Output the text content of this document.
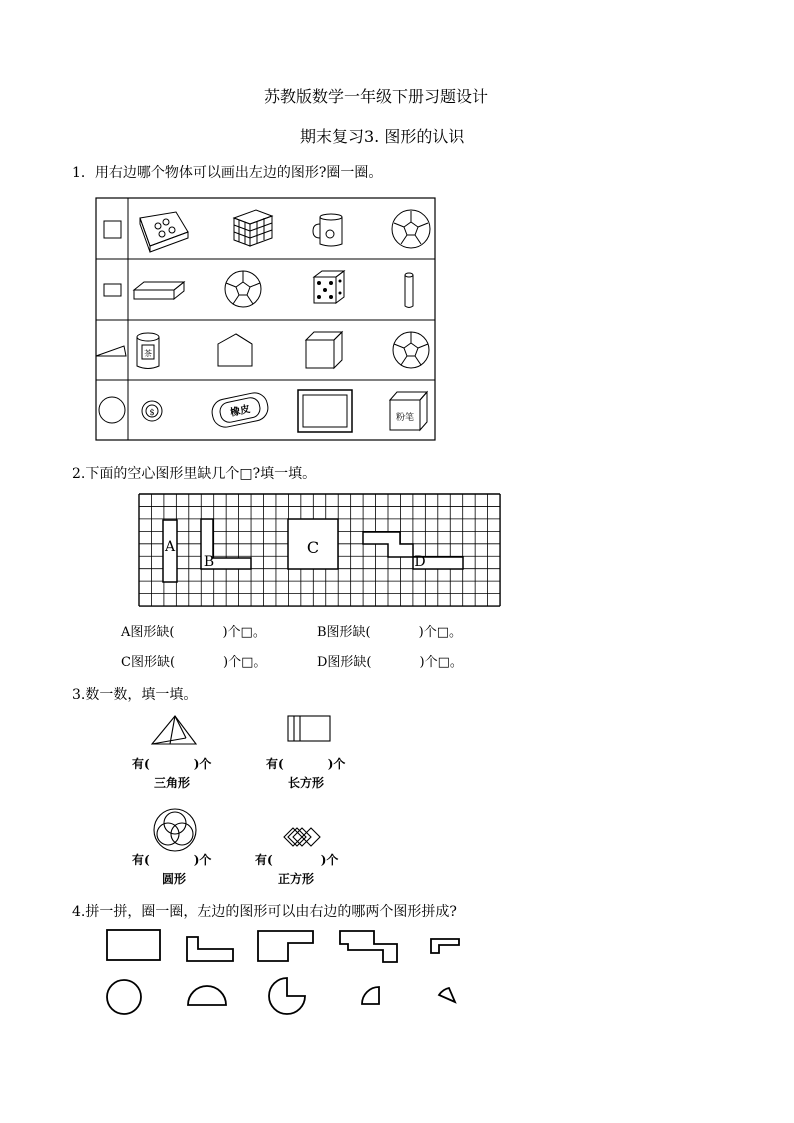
苏教版数学一年级下册习题设计
期末复习3. 图形的认识
1．用右边哪个物体可以画出左边的图形?圈一圈。
茶
$	橡皮	粉笔
2.下面的空心图形里缺几个□?填一填。
A
B
C
D
A图形缺(	)个□。	B图形缺(	)个□。
C图形缺(	)个□。	D图形缺(	)个□。
3.数一数，填一填。
有(	)个
三角形
有(	)个
长方形
有(	)个
圆形
有(	)个
正方形
4.拼一拼，圈一圈，左边的图形可以由右边的哪两个图形拼成?
